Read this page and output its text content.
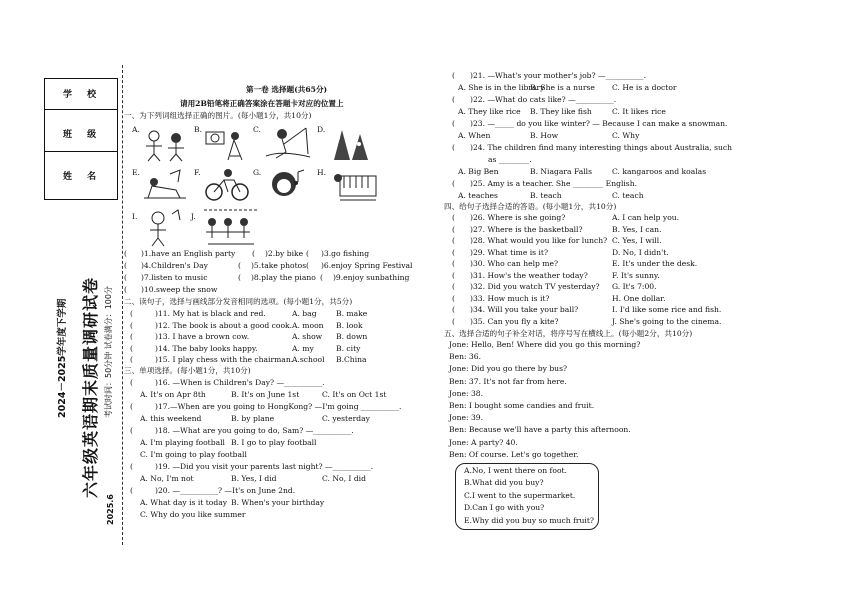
学 校
班 级
姓 名
2024－2025学年度下学期 六年级英语期末质量调研试卷 考试时间：50分钟 试卷满分：100分
2025.6
第一卷 选择题(共65分)
请用2B铅笔将正确答案涂在答题卡对应的位置上
一、为下列词组选择正确的图片。(每小题1分，共10分)
A.	B.	C.	D.
E.	F.	G.	H.
I.	J.
( )1.have an English party ( )2.by bike ( )3.go fishing
( )4.Children's Day	( )5.take photos ( )6.enjoy Spring Festival
( )7.listen to music	( )8.play the piano ( )9.enjoy sunbathing
( )10.sweep the snow
二、读句子，选择与画线部分发音相同的选项。(每小题1分，共5分)
(	)11. My hat is black and red.	A. bag	B. make
(	)12. The book is about a good cook. A. moon B. look
(	)13. I have a brown cow.	A. show B. down
(	)14. The baby looks happy.	A. my	B. city
(	)15. I play chess with the chairman.
A.school B.China
三、单项选择。(每小题1分，共10分)
(	)16. —When is Children's Day? —__________.
A. It's on Apr 8th	B. It's on June 1st	C. It's on Oct 1st
(	)17.—When are you going to HongKong? —I'm going __________.
A. this weekend	B. by plane	C. yesterday
(	)18. —What are you going to do, Sam? —__________.
A. I'm playing football B. I go to play football
C. I'm going to play football
(	)19. —Did you visit your parents last night? —__________.
A. No, I'm not	B. Yes, I did	C. No, I did
(	)20. —__________? —It's on June 2nd.
A. What day is it today B. When's your birthday
C. Why do you like summer
( )21. —What's your mother's job? —__________.
A. She is in the library
B. She is a nurse C. He is a doctor
( )22. —What do cats like? —__________.
A. They like rice B. They like fish	C. It likes rice
( )23. —_____ do you like winter? — Because I can make a snowman.
A. When	B. How	C. Why
( )24. The children find many interesting things about Australia, such
as ________.
A. Big Ben	B. Niagara Falls	C. kangaroos and koalas
( )25. Amy is a teacher. She ________ English.
A. teaches	B. teach	C. teach
四、给句子选择合适的答语。(每小题1分，共10分)
( )26. Where is she going?	A. I can help you.
( )27. Where is the basketball?	B. Yes, I can.
( )28. What would you like for lunch? C. Yes, I will.
( )29. What time is it?	D. No, I didn't.
( )30. Who can help me?	E. It's under the desk.
( )31. How's the weather today?	F. It's sunny.
( )32. Did you watch TV yesterday? G. It's 7:00.
( )33. How much is it?	H. One dollar.
( )34. Will you take your ball?	I. I'd like some rice and fish.
( )35. Can you fly a kite?	J. She's going to the cinema.
五、选择合适的句子补全对话，将序号写在横线上。(每小题2分，共10分)
Jone: Hello, Ben! Where did you go this morning?
Ben: 36.
Jone: Did you go there by bus?
Ben: 37. It's not far from here.
Jone: 38.
Ben: I bought some candies and fruit.
Jone: 39.
Ben: Because we'll have a party this afternoon.
Jone: A party? 40.
Ben: Of course. Let's go together.
A.No, I went there on foot.
B.What did you buy?
C.I went to the supermarket.
D.Can I go with you?
E.Why did you buy so much fruit?
